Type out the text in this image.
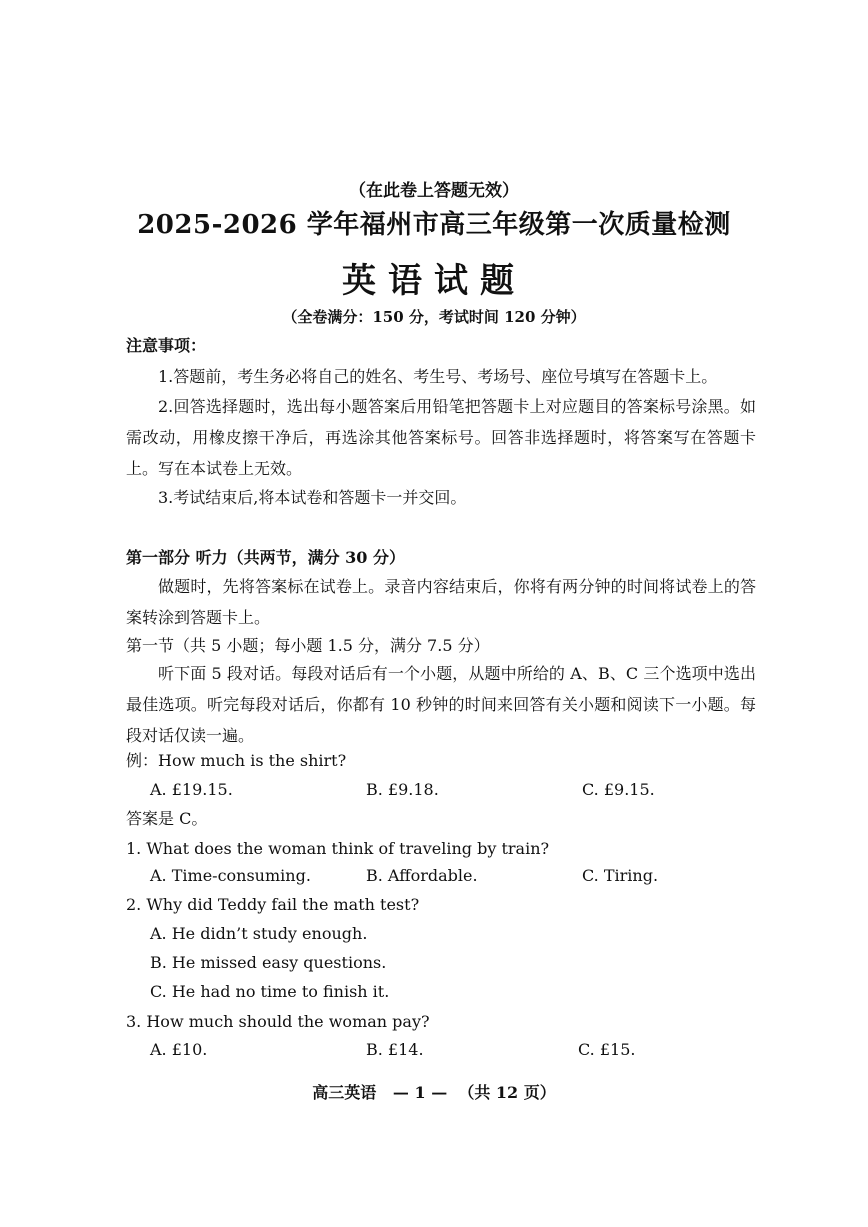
（在此卷上答题无效）
2025-2026 学年福州市高三年级第一次质量检测
英语试题
（全卷满分：150 分，考试时间 120 分钟）
注意事项：
1.答题前，考生务必将自己的姓名、考生号、考场号、座位号填写在答题卡上。
2.回答选择题时，选出每小题答案后用铅笔把答题卡上对应题目的答案标号涂黑。如需改动，用橡皮擦干净后，再选涂其他答案标号。回答非选择题时，将答案写在答题卡上。写在本试卷上无效。
3.考试结束后,将本试卷和答题卡一并交回。
第一部分 听力（共两节，满分 30 分）
做题时，先将答案标在试卷上。录音内容结束后，你将有两分钟的时间将试卷上的答案转涂到答题卡上。
第一节（共 5 小题；每小题 1.5 分，满分 7.5 分）
听下面 5 段对话。每段对话后有一个小题，从题中所给的 A、B、C 三个选项中选出最佳选项。听完每段对话后，你都有 10 秒钟的时间来回答有关小题和阅读下一小题。每段对话仅读一遍。
例：How much is the shirt?
A. £19.15.	B. £9.18.	C. £9.15.
答案是 C。
1. What does the woman think of traveling by train?
A. Time-consuming.	B. Affordable.	C. Tiring.
2. Why did Teddy fail the math test?
A. He didn’t study enough.
B. He missed easy questions.
C. He had no time to finish it.
3. How much should the woman pay?
A. £10.	B. £14.	C. £15.
高三英语   — 1 —  （共 12 页）
